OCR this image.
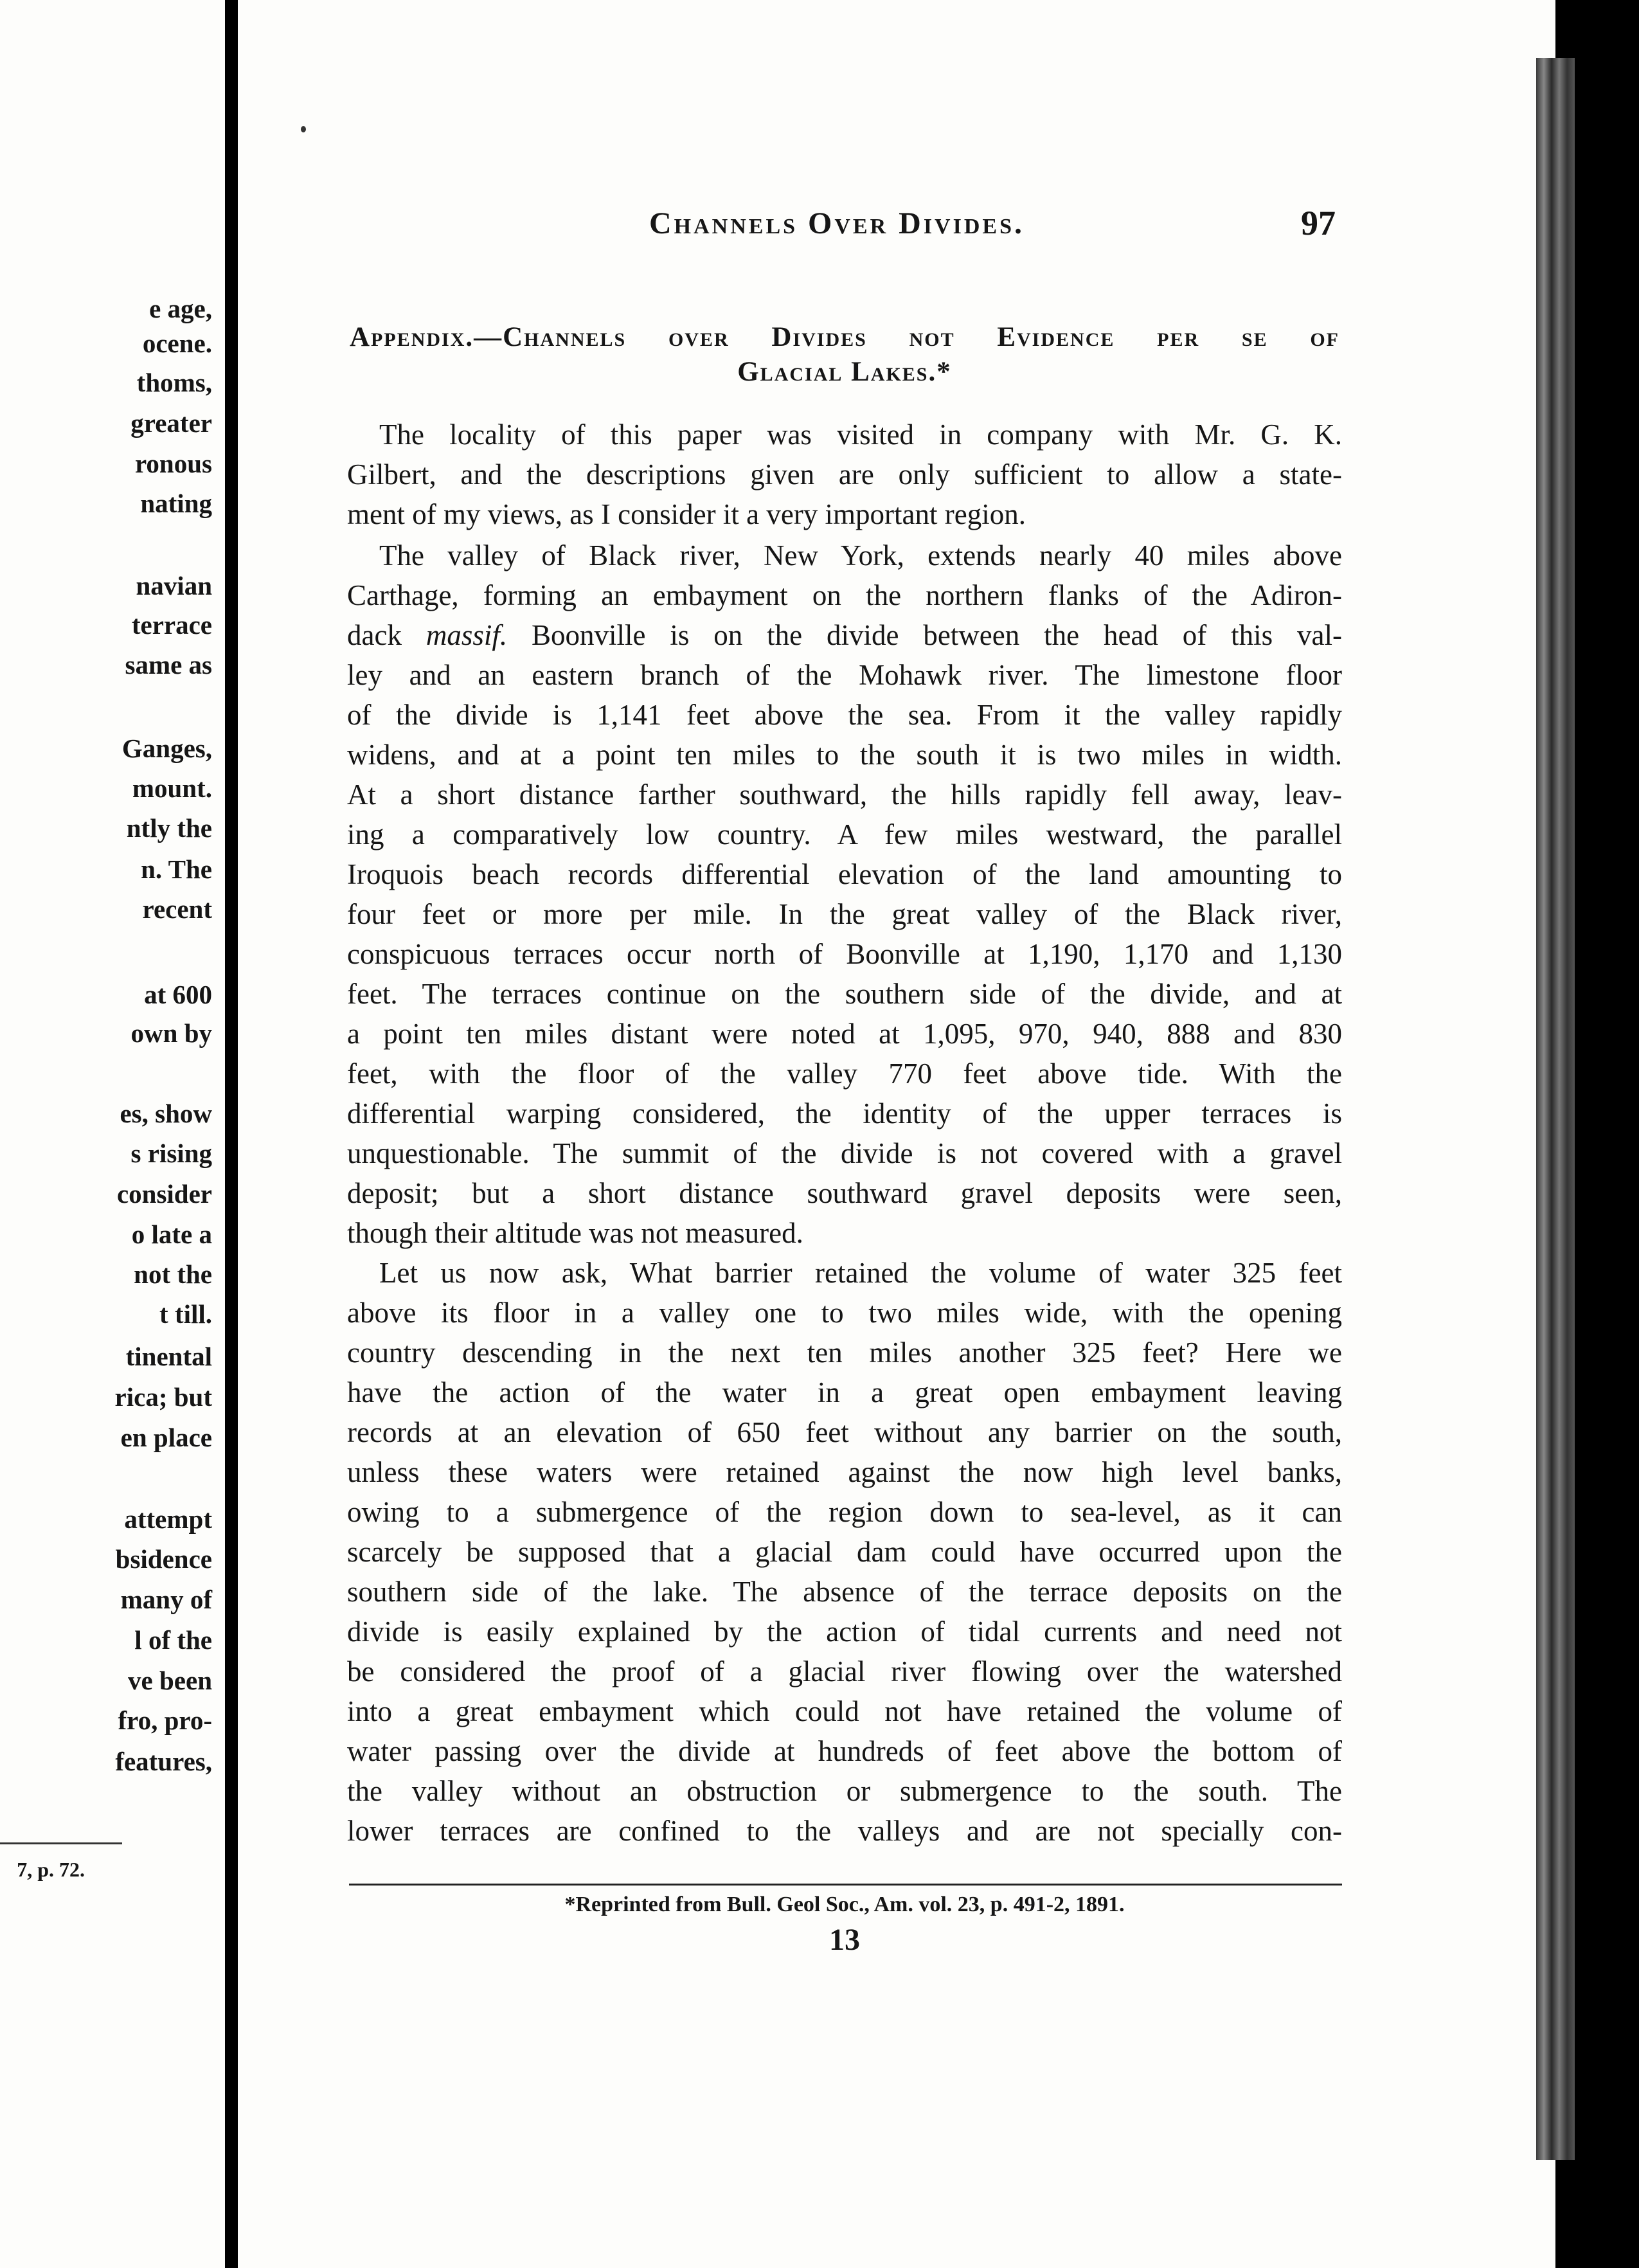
e age,
ocene.
thoms,
greater
ronous
nating
navian
terrace
same as
Ganges,
mount.
ntly the
n. The
recent
at 600
own by
es, show
s rising
consider
o late a
not the
t till.
tinental
rica; but
en place
attempt
bsidence
many of
l of the
ve been
fro, pro-
features,
7, p. 72.
Channels Over Divides.	97
Appendix.—Channels over Divides not Evidence per se of
Glacial Lakes.*
The locality of this paper was visited in company with Mr. G. K.
Gilbert, and the descriptions given are only sufficient to allow a state-
ment of my views, as I consider it a very important region.
The valley of Black river, New York, extends nearly 40 miles above
Carthage, forming an embayment on the northern flanks of the Adiron-
dack massif. Boonville is on the divide between the head of this val-
ley and an eastern branch of the Mohawk river. The limestone floor
of the divide is 1,141 feet above the sea. From it the valley rapidly
widens, and at a point ten miles to the south it is two miles in width.
At a short distance farther southward, the hills rapidly fell away, leav-
ing a comparatively low country. A few miles westward, the parallel
Iroquois beach records differential elevation of the land amounting to
four feet or more per mile. In the great valley of the Black river,
conspicuous terraces occur north of Boonville at 1,190, 1,170 and 1,130
feet. The terraces continue on the southern side of the divide, and at
a point ten miles distant were noted at 1,095, 970, 940, 888 and 830
feet, with the floor of the valley 770 feet above tide. With the
differential warping considered, the identity of the upper terraces is
unquestionable. The summit of the divide is not covered with a gravel
deposit; but a short distance southward gravel deposits were seen,
though their altitude was not measured.
Let us now ask, What barrier retained the volume of water 325 feet
above its floor in a valley one to two miles wide, with the opening
country descending in the next ten miles another 325 feet? Here we
have the action of the water in a great open embayment leaving
records at an elevation of 650 feet without any barrier on the south,
unless these waters were retained against the now high level banks,
owing to a submergence of the region down to sea-level, as it can
scarcely be supposed that a glacial dam could have occurred upon the
southern side of the lake. The absence of the terrace deposits on the
divide is easily explained by the action of tidal currents and need not
be considered the proof of a glacial river flowing over the watershed
into a great embayment which could not have retained the volume of
water passing over the divide at hundreds of feet above the bottom of
the valley without an obstruction or submergence to the south. The
lower terraces are confined to the valleys and are not specially con-
*Reprinted from Bull. Geol Soc., Am. vol. 23, p. 491-2, 1891.
13
